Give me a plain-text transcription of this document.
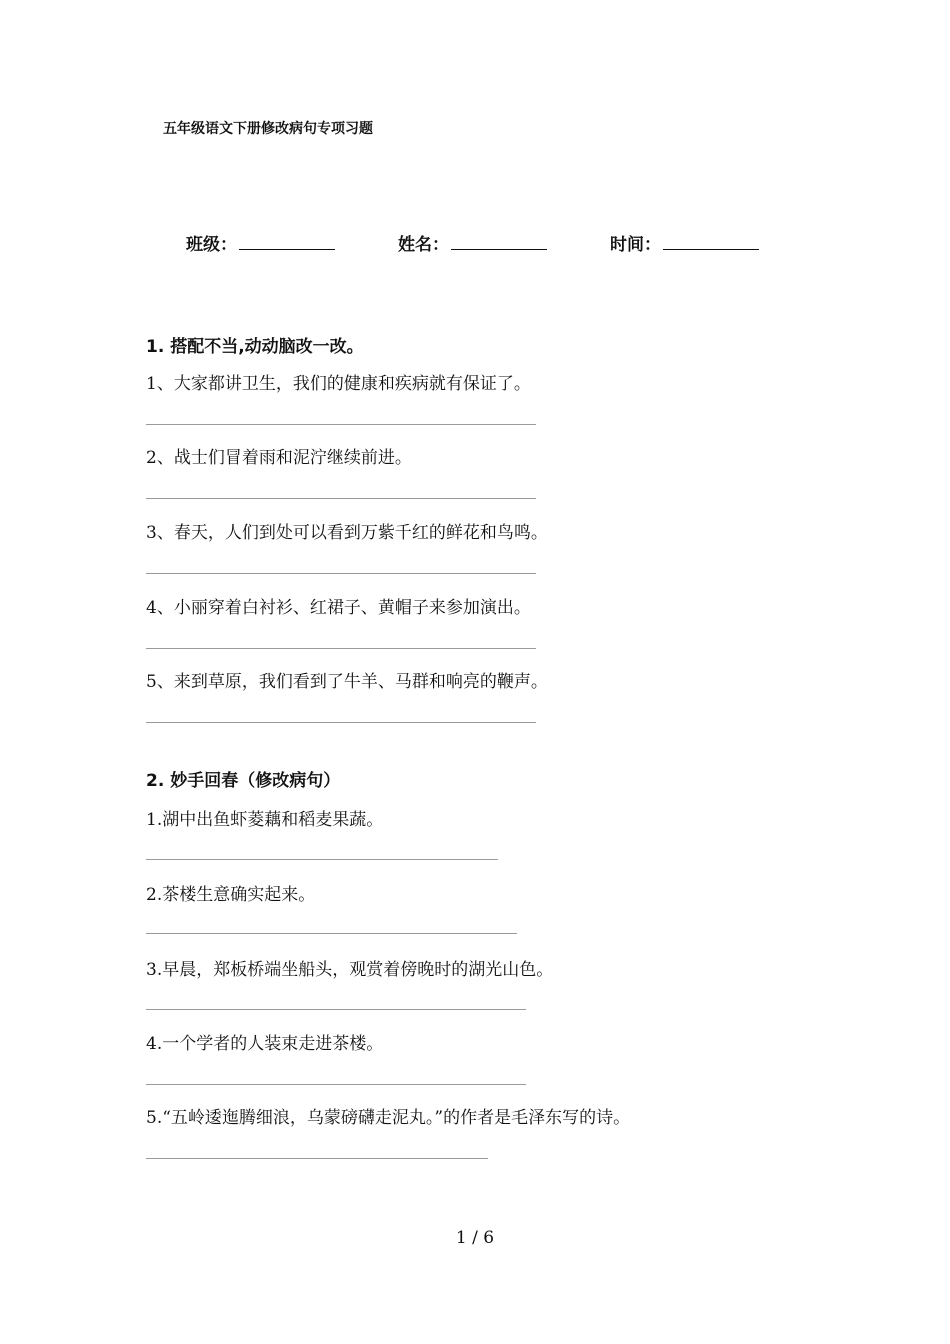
五年级语文下册修改病句专项习题
班级：	姓名：	时间：
1. 搭配不当,动动脑改一改。
1、大家都讲卫生，我们的健康和疾病就有保证了。
2、战士们冒着雨和泥泞继续前进。
3、春天，人们到处可以看到万紫千红的鲜花和鸟鸣。
4、小丽穿着白衬衫、红裙子、黄帽子来参加演出。
5、来到草原，我们看到了牛羊、马群和响亮的鞭声。
2. 妙手回春（修改病句）
1.湖中出鱼虾菱藕和稻麦果蔬。
2.茶楼生意确实起来。
3.早晨，郑板桥端坐船头，观赏着傍晚时的湖光山色。
4.一个学者的人装束走进茶楼。
5.“五岭逶迤腾细浪，乌蒙磅礴走泥丸。”的作者是毛泽东写的诗。
1 / 6
